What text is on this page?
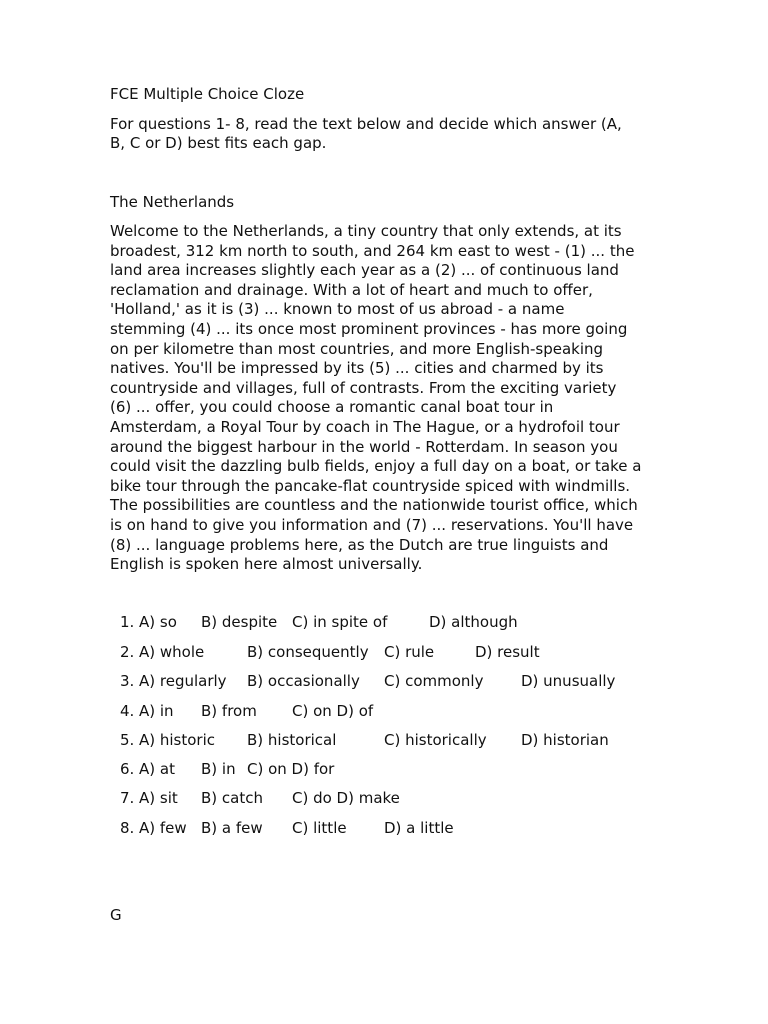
FCE Multiple Choice Cloze
For questions 1- 8, read the text below and decide which answer (A,
B, C or D) best fits each gap.
The Netherlands
Welcome to the Netherlands, a tiny country that only extends, at its
broadest, 312 km north to south, and 264 km east to west - (1) ... the
land area increases slightly each year as a (2) ... of continuous land
reclamation and drainage. With a lot of heart and much to offer,
'Holland,' as it is (3) ... known to most of us abroad - a name
stemming (4) ... its once most prominent provinces - has more going
on per kilometre than most countries, and more English-speaking
natives. You'll be impressed by its (5) ... cities and charmed by its
countryside and villages, full of contrasts. From the exciting variety
(6) ... offer, you could choose a romantic canal boat tour in
Amsterdam, a Royal Tour by coach in The Hague, or a hydrofoil tour
around the biggest harbour in the world - Rotterdam. In season you
could visit the dazzling bulb fields, enjoy a full day on a boat, or take a
bike tour through the pancake-flat countryside spiced with windmills.
The possibilities are countless and the nationwide tourist office, which
is on hand to give you information and (7) ... reservations. You'll have
(8) ... language problems here, as the Dutch are true linguists and
English is spoken here almost universally.
1. A) so B) despite C) in spite of	D) although
2. A) whole	B) consequently C) rule	D) result
3. A) regularly B) occasionally C) commonly	D) unusually
4. A) in B) from C) on D) of
5. A) historic B) historical	C) historically D) historian
6. A) at B) in C) on D) for
7. A) sit B) catch C) do D) make
8. A) few B) a few C) little D) a little
G
